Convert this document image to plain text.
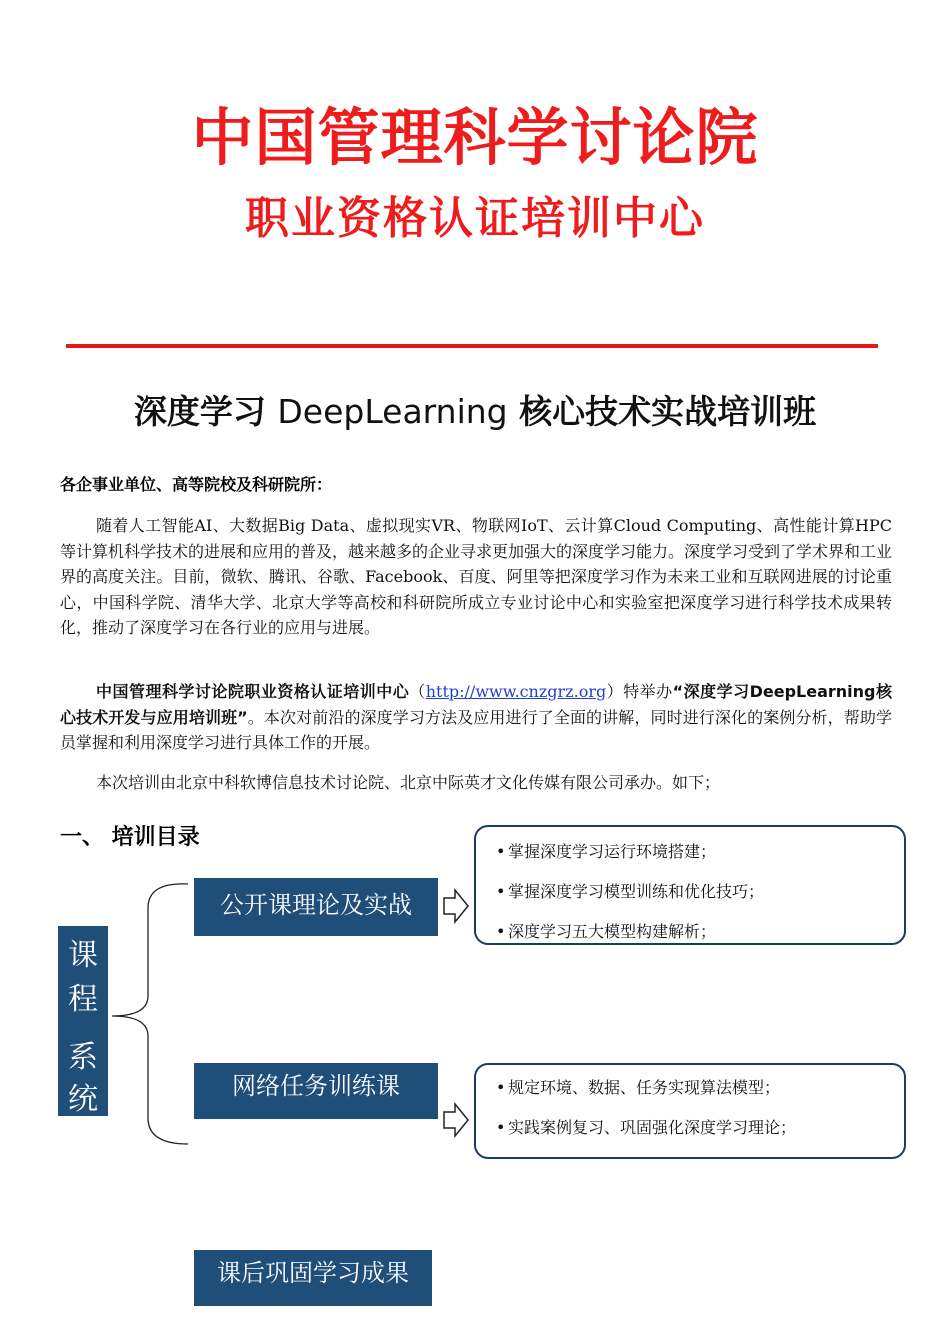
中国管理科学讨论院
职业资格认证培训中心
深度学习 DeepLearning 核心技术实战培训班
各企事业单位、高等院校及科研院所：
随着人工智能AI、大数据Big Data、虚拟现实VR、物联网IoT、云计算Cloud Computing、高性能计算HPC等计算机科学技术的进展和应用的普及，越来越多的企业寻求更加强大的深度学习能力。深度学习受到了学术界和工业界的高度关注。目前，微软、腾讯、谷歌、Facebook、百度、阿里等把深度学习作为未来工业和互联网进展的讨论重心，中国科学院、清华大学、北京大学等高校和科研院所成立专业讨论中心和实验室把深度学习进行科学技术成果转化，推动了深度学习在各行业的应用与进展。
中国管理科学讨论院职业资格认证培训中心（http://www.cnzgrz.org）特举办“深度学习DeepLearning核心技术开发与应用培训班”。本次对前沿的深度学习方法及应用进行了全面的讲解，同时进行深化的案例分析，帮助学员掌握和利用深度学习进行具体工作的开展。
本次培训由北京中科软博信息技术讨论院、北京中际英才文化传媒有限公司承办。如下；
一、 培训目录
课
程
系
统
公开课理论及实战
• 掌握深度学习运行环境搭建；
• 掌握深度学习模型训练和优化技巧；
• 深度学习五大模型构建解析；
网络任务训练课	• 规定环境、数据、任务实现算法模型；
• 实践案例复习、巩固强化深度学习理论；
课后巩固学习成果
